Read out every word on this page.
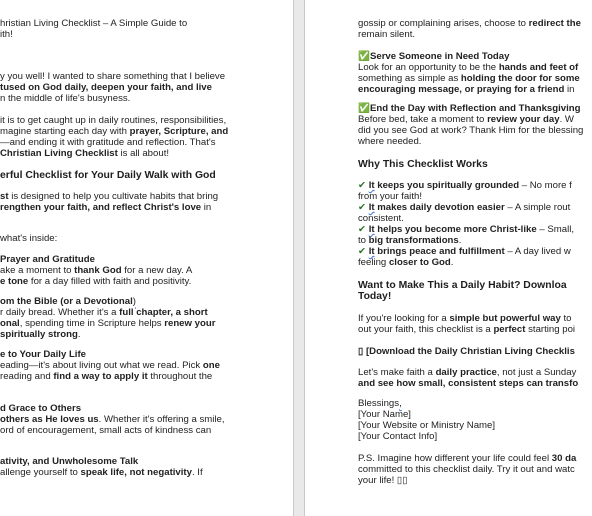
hristian Living Checklist – A Simple Guide to
ith!
y you well! I wanted to share something that I believe
tused on God daily, deepen your faith, and live
n the middle of life's busyness.
it is to get caught up in daily routines, responsibilities,
magine starting each day with prayer, Scripture, and
—and ending it with gratitude and reflection. That's
Christian Living Checklist is all about!
erful Checklist for Your Daily Walk with God
st is designed to help you cultivate habits that bring
rengthen your faith, and reflect Christ's love in
what's inside:
Prayer and Gratitude
ake a moment to thank God for a new day. A
e tone for a day filled with faith and positivity.
om the Bible (or a Devotional)
r daily bread. Whether it's a full chapter, a short
onal, spending time in Scripture helps renew your
spiritually strong.
e to Your Daily Life
eading—it's about living out what we read. Pick one
reading and find a way to apply it throughout the
d Grace to Others
others as He loves us. Whether it's offering a smile,
ord of encouragement, small acts of kindness can
ativity, and Unwholesome Talk
allenge yourself to speak life, not negativity. If
gossip or complaining arises, choose to redirect the
remain silent.
✅Serve Someone in Need Today
Look for an opportunity to be the hands and feet of
something as simple as holding the door for some
encouraging message, or praying for a friend in
✅End the Day with Reflection and Thanksgiving
Before bed, take a moment to review your day. W
did you see God at work? Thank Him for the blessing
where needed.
Why This Checklist Works
✔ It keeps you spiritually grounded – No more f
from your faith!
✔ It makes daily devotion easier – A simple rout
consistent.
✔ It helps you become more Christ-like – Small,
to big transformations.
✔ It brings peace and fulfillment – A day lived w
feeling closer to God.
Want to Make This a Daily Habit? Downloa
Today!
If you're looking for a simple but powerful way to
out your faith, this checklist is a perfect starting poi
▯ [Download the Daily Christian Living Checklis
Let's make faith a daily practice, not just a Sunday
and see how small, consistent steps can transfo
Blessings,
[Your Name]
[Your Website or Ministry Name]
[Your Contact Info]
P.S. Imagine how different your life could feel 30 da
committed to this checklist daily. Try it out and watc
your life! ▯▯
